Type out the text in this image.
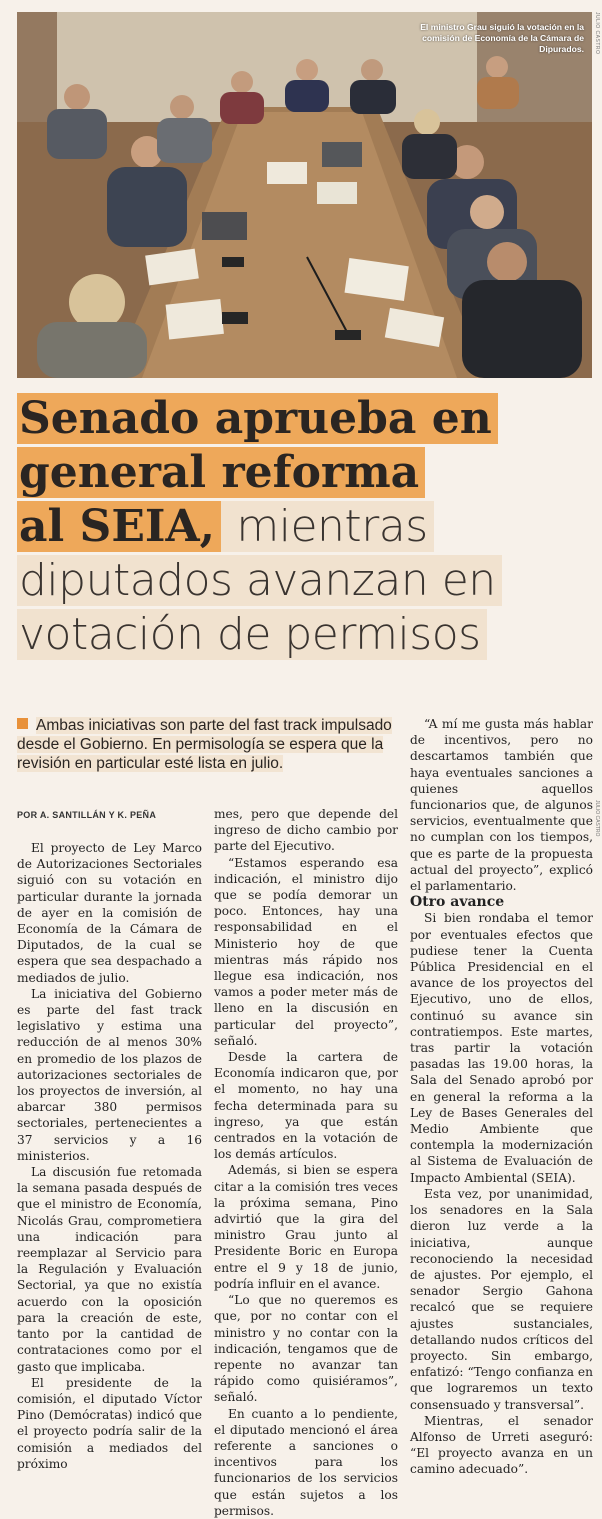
El ministro Grau siguió la votación en la comisión de Economía de la Cámara de Dipurados. JULIO CASTRO
Senado aprueba en
general reforma
al SEIA, mientras
diputados avanzan en
votación de permisos
Ambas iniciativas son parte del fast track impulsado desde el Gobierno. En permisología se espera que la revisión en particular esté lista en julio.
POR A. SANTILLÁN Y K. PEÑA

El proyecto de Ley Marco de Autorizaciones Sectoriales siguió con su votación en particular durante la jornada de ayer en la comisión de Economía de la Cámara de Diputados, de la cual se espera que sea despachado a mediados de julio.

La iniciativa del Gobierno es parte del fast track legislativo y estima una reducción de al menos 30% en promedio de los plazos de autorizaciones sectoriales de los proyectos de inversión, al abarcar 380 permisos sectoriales, pertenecientes a 37 servicios y a 16 ministerios.

La discusión fue retomada la semana pasada después de que el ministro de Economía, Nicolás Grau, comprometiera una indicación para reemplazar al Servicio para la Regulación y Evaluación Sectorial, ya que no existía acuerdo con la oposición para la creación de este, tanto por la cantidad de contrataciones como por el gasto que implicaba.

El presidente de la comisión, el diputado Víctor Pino (Demócratas) indicó que el proyecto podría salir de la comisión a mediados del próximo

mes, pero que depende del ingreso de dicho cambio por parte del Ejecutivo.

“Estamos esperando esa indicación, el ministro dijo que se podía demorar un poco. Entonces, hay una responsabilidad en el Ministerio hoy de que mientras más rápido nos llegue esa indicación, nos vamos a poder meter más de lleno en la discusión en particular del proyecto”, señaló.

Desde la cartera de Economía indicaron que, por el momento, no hay una fecha determinada para su ingreso, ya que están centrados en la votación de los demás artículos.

Además, si bien se espera citar a la comisión tres veces la próxima semana, Pino advirtió que la gira del ministro Grau junto al Presidente Boric en Europa entre el 9 y 18 de junio, podría influir en el avance.

“Lo que no queremos es que, por no contar con el ministro y no contar con la indicación, tengamos que de repente no avanzar tan rápido como quisiéramos”, señaló.

En cuanto a lo pendiente, el diputado mencionó el área referente a sanciones o incentivos para los funcionarios de los servicios que están sujetos a los permisos.

“A mí me gusta más hablar de incentivos, pero no descartamos también que haya eventuales sanciones a quienes aquellos funcionarios que, de algunos servicios, eventualmente que no cumplan con los tiempos, que es parte de la propuesta actual del proyecto”, explicó el parlamentario.

Otro avance

Si bien rondaba el temor por eventuales efectos que pudiese tener la Cuenta Pública Presidencial en el avance de los proyectos del Ejecutivo, uno de ellos, continuó su avance sin contratiempos. Este martes, tras partir la votación pasadas las 19.00 horas, la Sala del Senado aprobó por en general la reforma a la Ley de Bases Generales del Medio Ambiente que contempla la modernización al Sistema de Evaluación de Impacto Ambiental (SEIA).

Esta vez, por unanimidad, los senadores en la Sala dieron luz verde a la iniciativa, aunque reconociendo la necesidad de ajustes. Por ejemplo, el senador Sergio Gahona recalcó que se requiere ajustes sustanciales, detallando nudos críticos del proyecto. Sin embargo, enfatizó: “Tengo confianza en que lograremos un texto consensuado y transversal”.

Mientras, el senador Alfonso de Urreti aseguró: “El proyecto avanza en un camino adecuado”.

JULIO CASTRO
